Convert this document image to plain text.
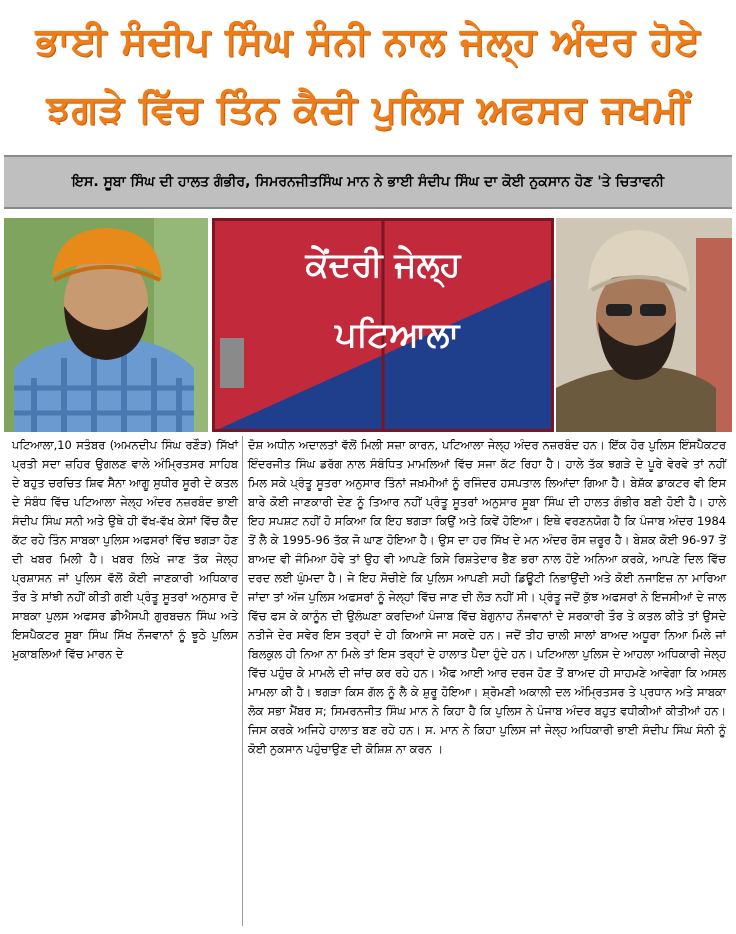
ਭਾਈ ਸੰਦੀਪ ਸਿੰਘ ਸੰਨੀ ਨਾਲ ਜੇਲ੍ਹ ਅੰਦਰ ਹੋਏ
ਝਗੜੇ ਵਿੱਚ ਤਿੰਨ ਕੈਦੀ ਪੁਲਿਸ ਅ਼ਫਸਰ ਜਖਮੀਂ
ਇਸ. ਸੂਬਾ ਸਿੰਘ ਦੀ ਹਾਲਤ ਗੰਭੀਰ, ਸਿਮਰਨਜੀਤਸਿੰਘ ਮਾਨ ਨੇ ਭਾਈ ਸੰਦੀਪ ਸਿੰਘ ਦਾ ਕੋਈ ਨੁਕਸਾਨ ਹੋਣ 'ਤੇ ਚਿਤਾਵਨੀ
ਕੇਂਦਰੀ ਜੇਲ੍ਹ
ਪਟਿਆਲਾ
ਪਟਿਆਲਾ,10 ਸਤੰਬਰ (ਅਮਨਦੀਪ ਸਿੰਘ ਰਣੌੜ) ਸਿੱਖਾਂ ਪ੍ਰਤੀ ਸਦਾ ਜ਼ਹਿਰ ਉਗਲਣ ਵਾਲੇ ਅੰਮ੍ਰਿਤਸਰ ਸਾਹਿਬ ਦੇ ਬਹੁਤ ਚਰਚਿਤ ਸ਼ਿਵ ਸੈਨਾ ਆਗੂ ਸੁਧੀਰ ਸੂਰੀ ਦੇ ਕਤਲ ਦੇ ਸੰਬੰਧ ਵਿੱਚ ਪਟਿਆਲਾ ਜੇਲ੍ਹ ਅੰਦਰ ਨਜ਼ਰਬੰਦ ਭਾਈ ਸੰਦੀਪ ਸਿੰਘ ਸਨੀ ਅਤੇ ਉਥੇ ਹੀ ਵੱਖ-ਵੱਖ ਕੇਸਾਂ ਵਿੱਚ ਕੈਦ ਕੱਟ ਰਹੇ ਤਿੰਨ ਸਾਬਕਾ ਪੁਲਿਸ ਅਫਸਰਾਂ ਵਿੱਚ ਝਗੜਾ ਹੋਣ ਦੀ ਖਬਰ ਮਿਲੀ ਹੈ। ਖਬਰ ਲਿਖੇ ਜਾਣ ਤੱਕ ਜੇਲ੍ਹ ਪ੍ਰਸ਼ਾਸਨ ਜਾਂ ਪੁਲਿਸ ਵੱਲੋਂ ਕੋਈ ਜਾਣਕਾਰੀ ਅਧਿਕਾਰ ਤੌਰ ਤੇ ਸਾਂਝੀ ਨਹੀਂ ਕੀਤੀ ਗਈ ਪ੍ਰੰਤੂ ਸੂਤਰਾਂ ਅਨੁਸਾਰ ਦੋ ਸਾਬਕਾ ਪੁਲਸ ਅਫਸਰ ਡੀਐਸਪੀ ਗੁਰਬਚਨ ਸਿੰਘ ਅਤੇ ਇਸਪੈਕਟਰ ਸੂਬਾ ਸਿੰਘ ਸਿੱਖ ਨੌਜਵਾਨਾਂ ਨੂੰ ਝੂਠੇ ਪੁਲਿਸ ਮੁਕਾਬਲਿਆਂ ਵਿੱਚ ਮਾਰਨ ਦੇ
ਦੋਸ਼ ਅਧੀਨ ਅਦਾਲਤਾਂ ਵੱਲੋਂ ਮਿਲੀ ਸਜ਼ਾ ਕਾਰਨ, ਪਟਿਆਲਾ ਜੇਲ੍ਹ ਅੰਦਰ ਨਜ਼ਰਬੰਦ ਹਨ। ਇੱਕ ਹੋਰ ਪੁਲਿਸ ਇੰਸਪੈਕਟਰ ਇੰਦਰਜੀਤ ਸਿੰਘ ਡਰੱਗ ਨਾਲ ਸੰਬੰਧਿਤ ਮਾਮਲਿਆਂ ਵਿੱਚ ਸਜਾ ਕੱਟ ਰਿਹਾ ਹੈ। ਹਾਲੇ ਤੱਕ ਝਗੜੇ ਦੇ ਪੂਰੇ ਵੇਰਵੇ ਤਾਂ ਨਹੀਂ ਮਿਲ ਸਕੇ ਪ੍ਰੰਤੂ ਸੂਤਰਾ ਅਨੁਸਾਰ ਤਿੰਨਾਂ ਜਖ਼ਮੀਆਂ ਨੂੰ ਰਜਿੰਦਰ ਹਸਪਤਾਲ ਲਿਆਂਦਾ ਗਿਆ ਹੈ। ਬੇਸ਼ੱਕ ਡਾਕਟਰ ਵੀ ਇਸ ਬਾਰੇ ਕੋਈ ਜਾਣਕਾਰੀ ਦੇਣ ਨੂੰ ਤਿਆਰ ਨਹੀਂ ਪ੍ਰੰਤੂ ਸੂਤਰਾਂ ਅਨੁਸਾਰ ਸੂਬਾ ਸਿੰਘ ਦੀ ਹਾਲਤ ਗੰਭੀਰ ਬਣੀ ਹੋਈ ਹੈ। ਹਾਲੇ ਇਹ ਸਪਸ਼ਟ ਨਹੀਂ ਹੋ ਸਕਿਆ ਕਿ ਇਹ ਝਗੜਾ ਕਿਉਂ ਅਤੇ ਕਿਵੇਂ ਹੋਇਆ। ਇਥੇ ਵਰਣਨਯੋਗ ਹੈ ਕਿ ਪੰਜਾਬ ਅੰਦਰ 1984 ਤੋਂ ਲੈ ਕੇ 1995-96 ਤੱਕ ਜੋ ਘਾਣ ਹੋਇਆ ਹੈ। ਉਸ ਦਾ ਹਰ ਸਿੱਖ ਦੇ ਮਨ ਅੰਦਰ ਰੋਸ ਜ਼ਰੂਰ ਹੈ। ਬੇਸ਼ਕ ਕੋਈ 96-97 ਤੋਂ ਬਾਅਦ ਵੀ ਜੰਮਿਆ ਹੋਵੇ ਤਾਂ ਉਹ ਵੀ ਆਪਣੇ ਕਿਸੇ ਰਿਸ਼ਤੇਦਾਰ ਭੈਣ ਭਰਾ ਨਾਲ ਹੋਏ ਅਨਿਆ ਕਰਕੇ, ਆਪਣੇ ਦਿਲ ਵਿੱਚ ਦਰਦ ਲਈ ਘੁੰਮਦਾ ਹੈ। ਜੇ ਇਹ ਸੋਚੀਏ ਕਿ ਪੁਲਿਸ ਆਪਣੀ ਸਹੀ ਡਿਊਟੀ ਨਿਭਾਉਂਦੀ ਅਤੇ ਕੋਈ ਨਜਾਇਜ਼ ਨਾ ਮਾਰਿਆ ਜਾਂਦਾ ਤਾਂ ਅੱਜ ਪੁਲਿਸ ਅਫਸਰਾਂ ਨੂੰ ਜੇਲ੍ਹਾਂ ਵਿੱਚ ਜਾਣ ਦੀ ਲੋੜ ਨਹੀਂ ਸੀ। ਪ੍ਰੰਤੂ ਜਦੋਂ ਕੁੱਝ ਅਫਸਰਾਂ ਨੇ ਇਜਸੀਆਂ ਦੇ ਜਾਲ ਵਿੱਚ ਫਸ ਕੇ ਕਾਨੂੰਨ ਦੀ ਉਲੰਘਣਾ ਕਰਦਿਆਂ ਪੰਜਾਬ ਵਿੱਚ ਬੇਗੁਨਾਹ ਨੌਜਵਾਨਾਂ ਦੇ ਸਰਕਾਰੀ ਤੌਰ ਤੇ ਕਤਲ ਕੀਤੇ ਤਾਂ ਉਸਦੇ ਨਤੀਜੇ ਦੇਰ ਸਵੇਰ ਇਸ ਤਰ੍ਹਾਂ ਦੇ ਹੀ ਕਿਆਸੇ ਜਾ ਸਕਦੇ ਹਨ। ਜਦੋਂ ਤੀਹ ਚਾਲੀ ਸਾਲਾਂ ਬਾਅਦ ਅਧੂਰਾ ਨਿਆ ਮਿਲੇ ਜਾਂ ਬਿਲਕੁਲ ਹੀ ਨਿਆ ਨਾ ਮਿਲੇ ਤਾਂ ਇਸ ਤਰ੍ਹਾਂ ਦੇ ਹਾਲਾਤ ਪੈਦਾ ਹੁੰਦੇ ਹਨ। ਪਟਿਆਲਾ ਪੁਲਿਸ ਦੇ ਆਹਲਾ ਅਧਿਕਾਰੀ ਜੇਲ੍ਹ ਵਿੱਚ ਪਹੁੰਚ ਕੇ ਮਾਮਲੇ ਦੀ ਜਾਂਚ ਕਰ ਰਹੇ ਹਨ। ਐਫ ਆਈ ਆਰ ਦਰਜ ਹੋਣ ਤੋਂ ਬਾਅਦ ਹੀ ਸਾਹਮਣੇ ਆਵੇਗਾ ਕਿ ਅਸਲ ਮਾਮਲਾ ਕੀ ਹੈ। ਝਗੜਾ ਕਿਸ ਗੱਲ ਨੂੰ ਲੈ ਕੇ ਸ਼ੁਰੂ ਹੋਇਆ। ਸ਼੍ਰੋਮਣੀ ਅਕਾਲੀ ਦਲ ਅੰਮ੍ਰਿਤਸਰ ਤੇ ਪ੍ਰਧਾਨ ਅਤੇ ਸਾਬਕਾ ਲੋਕ ਸਭਾ ਮੈਂਬਰ ਸ; ਸਿਮਰਨਜੀਤ ਸਿੰਘ ਮਾਨ ਨੇ ਕਿਹਾ ਹੈ ਕਿ ਪੁਲਿਸ ਨੇ ਪੰਜਾਬ ਅੰਦਰ ਬਹੁਤ ਵਧੀਕੀਆਂ ਕੀਤੀਆਂ ਹਨ। ਜਿਸ ਕਰਕੇ ਅਜਿਹੇ ਹਾਲਾਤ ਬਣ ਰਹੇ ਹਨ। ਸ. ਮਾਨ ਨੇ ਕਿਹਾ ਪੁਲਿਸ ਜਾਂ ਜੇਲ੍ਹ ਅਧਿਕਾਰੀ ਭਾਈ ਸੰਦੀਪ ਸਿੰਘ ਸੰਨੀ ਨੂੰ ਕੋਈ ਨੁਕਸਾਨ ਪਹੁੰਚਾਉਣ ਦੀ ਕੋਸ਼ਿਸ਼ ਨਾ ਕਰਨ ।
